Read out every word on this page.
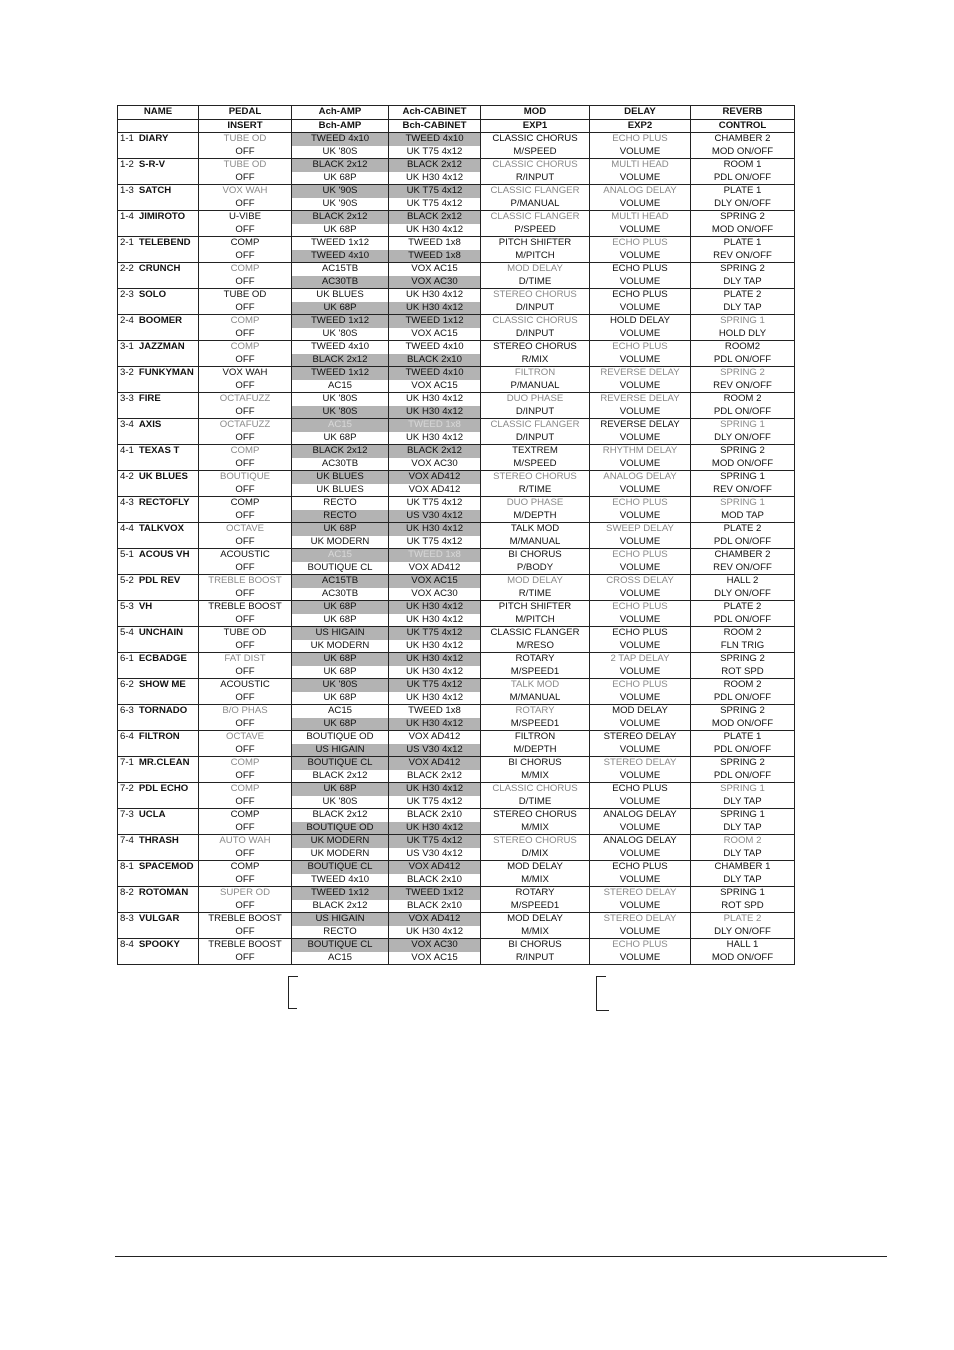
NAME	PEDAL	Ach-AMP	Ach-CABINET	MOD	DELAY	REVERB
	INSERT	Bch-AMP	Bch-CABINET	EXP1	EXP2	CONTROL
1-1 DIARY	TUBE OD	TWEED 4x10	TWEED 4x10	CLASSIC CHORUS	ECHO PLUS	CHAMBER 2
	OFF	UK '80S	UK T75 4x12	M/SPEED	VOLUME	MOD ON/OFF
1-2 S-R-V	TUBE OD	BLACK 2x12	BLACK 2x12	CLASSIC CHORUS	MULTI HEAD	ROOM 1
	OFF	UK 68P	UK H30 4x12	R/INPUT	VOLUME	PDL ON/OFF
1-3 SATCH	VOX WAH	UK '90S	UK T75 4x12	CLASSIC FLANGER	ANALOG DELAY	PLATE 1
	OFF	UK '90S	UK T75 4x12	P/MANUAL	VOLUME	DLY ON/OFF
1-4 JIMIROTO	U-VIBE	BLACK 2x12	BLACK 2x12	CLASSIC FLANGER	MULTI HEAD	SPRING 2
	OFF	UK 68P	UK H30 4x12	P/SPEED	VOLUME	MOD ON/OFF
2-1 TELEBEND	COMP	TWEED 1x12	TWEED 1x8	PITCH SHIFTER	ECHO PLUS	PLATE 1
	OFF	TWEED 4x10	TWEED 1x8	M/PITCH	VOLUME	REV ON/OFF
2-2 CRUNCH	COMP	AC15TB	VOX AC15	MOD DELAY	ECHO PLUS	SPRING 2
	OFF	AC30TB	VOX AC30	D/TIME	VOLUME	DLY TAP
2-3 SOLO	TUBE OD	UK BLUES	UK H30 4x12	STEREO CHORUS	ECHO PLUS	PLATE 2
	OFF	UK 68P	UK H30 4x12	D/INPUT	VOLUME	DLY TAP
2-4 BOOMER	COMP	TWEED 1x12	TWEED 1x12	CLASSIC CHORUS	HOLD DELAY	SPRING 1
	OFF	UK '80S	VOX AC15	D/INPUT	VOLUME	HOLD DLY
3-1 JAZZMAN	COMP	TWEED 4x10	TWEED 4x10	STEREO CHORUS	ECHO PLUS	ROOM2
	OFF	BLACK 2x12	BLACK 2x10	R/MIX	VOLUME	PDL ON/OFF
3-2 FUNKYMAN	VOX WAH	TWEED 1x12	TWEED 4x10	FILTRON	REVERSE DELAY	SPRING 2
	OFF	AC15	VOX AC15	P/MANUAL	VOLUME	REV ON/OFF
3-3 FIRE	OCTAFUZZ	UK '80S	UK H30 4x12	DUO PHASE	REVERSE DELAY	ROOM 2
	OFF	UK '80S	UK H30 4x12	D/INPUT	VOLUME	PDL ON/OFF
3-4 AXIS	OCTAFUZZ	AC15	TWEED 1x8	CLASSIC FLANGER	REVERSE DELAY	SPRING 1
	OFF	UK 68P	UK H30 4x12	D/INPUT	VOLUME	DLY ON/OFF
4-1 TEXAS T	COMP	BLACK 2x12	BLACK 2x12	TEXTREM	RHYTHM DELAY	SPRING 2
	OFF	AC30TB	VOX AC30	M/SPEED	VOLUME	MOD ON/OFF
4-2 UK BLUES	BOUTIQUE	UK BLUES	VOX AD412	STEREO CHORUS	ANALOG DELAY	SPRING 1
	OFF	UK BLUES	VOX AD412	R/TIME	VOLUME	REV ON/OFF
4-3 RECTOFLY	COMP	RECTO	UK T75 4x12	DUO PHASE	ECHO PLUS	SPRING 1
	OFF	RECTO	US V30 4x12	M/DEPTH	VOLUME	MOD TAP
4-4 TALKVOX	OCTAVE	UK 68P	UK H30 4x12	TALK MOD	SWEEP DELAY	PLATE 2
	OFF	UK MODERN	UK T75 4x12	M/MANUAL	VOLUME	PDL ON/OFF
5-1 ACOUS VH	ACOUSTIC	AC15	TWEED 1x8	BI CHORUS	ECHO PLUS	CHAMBER 2
	OFF	BOUTIQUE CL	VOX AD412	P/BODY	VOLUME	REV ON/OFF
5-2 PDL REV	TREBLE BOOST	AC15TB	VOX AC15	MOD DELAY	CROSS DELAY	HALL 2
	OFF	AC30TB	VOX AC30	R/TIME	VOLUME	DLY ON/OFF
5-3 VH	TREBLE BOOST	UK 68P	UK H30 4x12	PITCH SHIFTER	ECHO PLUS	PLATE 2
	OFF	UK 68P	UK H30 4x12	M/PITCH	VOLUME	PDL ON/OFF
5-4 UNCHAIN	TUBE OD	US HIGAIN	UK T75 4x12	CLASSIC FLANGER	ECHO PLUS	ROOM 2
	OFF	UK MODERN	UK H30 4x12	M/RESO	VOLUME	FLN TRIG
6-1 ECBADGE	FAT DIST	UK 68P	UK H30 4x12	ROTARY	2 TAP DELAY	SPRING 2
	OFF	UK 68P	UK H30 4x12	M/SPEED1	VOLUME	ROT SPD
6-2 SHOW ME	ACOUSTIC	UK '80S	UK T75 4x12	TALK MOD	ECHO PLUS	ROOM 2
	OFF	UK 68P	UK H30 4x12	M/MANUAL	VOLUME	PDL ON/OFF
6-3 TORNADO	B/O PHAS	AC15	TWEED 1x8	ROTARY	MOD DELAY	SPRING 2
	OFF	UK 68P	UK H30 4x12	M/SPEED1	VOLUME	MOD ON/OFF
6-4 FILTRON	OCTAVE	BOUTIQUE OD	VOX AD412	FILTRON	STEREO DELAY	PLATE 1
	OFF	US HIGAIN	US V30 4x12	M/DEPTH	VOLUME	PDL ON/OFF
7-1 MR.CLEAN	COMP	BOUTIQUE CL	VOX AD412	BI CHORUS	STEREO DELAY	SPRING 2
	OFF	BLACK 2x12	BLACK 2x12	M/MIX	VOLUME	PDL ON/OFF
7-2 PDL ECHO	COMP	UK 68P	UK H30 4x12	CLASSIC CHORUS	ECHO PLUS	SPRING 1
	OFF	UK '80S	UK T75 4x12	D/TIME	VOLUME	DLY TAP
7-3 UCLA	COMP	BLACK 2x12	BLACK 2x10	STEREO CHORUS	ANALOG DELAY	SPRING 1
	OFF	BOUTIQUE OD	UK H30 4x12	M/MIX	VOLUME	DLY TAP
7-4 THRASH	AUTO WAH	UK MODERN	UK T75 4x12	STEREO CHORUS	ANALOG DELAY	ROOM 2
	OFF	UK MODERN	US V30 4x12	D/MIX	VOLUME	DLY TAP
8-1 SPACEMOD	COMP	BOUTIQUE CL	VOX AD412	MOD DELAY	ECHO PLUS	CHAMBER 1
	OFF	TWEED 4x10	BLACK 2x10	M/MIX	VOLUME	DLY TAP
8-2 ROTOMAN	SUPER OD	TWEED 1x12	TWEED 1x12	ROTARY	STEREO DELAY	SPRING 1
	OFF	BLACK 2x12	BLACK 2x10	M/SPEED1	VOLUME	ROT SPD
8-3 VULGAR	TREBLE BOOST	US HIGAIN	VOX AD412	MOD DELAY	STEREO DELAY	PLATE 2
	OFF	RECTO	UK H30 4x12	M/MIX	VOLUME	DLY ON/OFF
8-4 SPOOKY	TREBLE BOOST	BOUTIQUE CL	VOX AC30	BI CHORUS	ECHO PLUS	HALL 1
	OFF	AC15	VOX AC15	R/INPUT	VOLUME	MOD ON/OFF
